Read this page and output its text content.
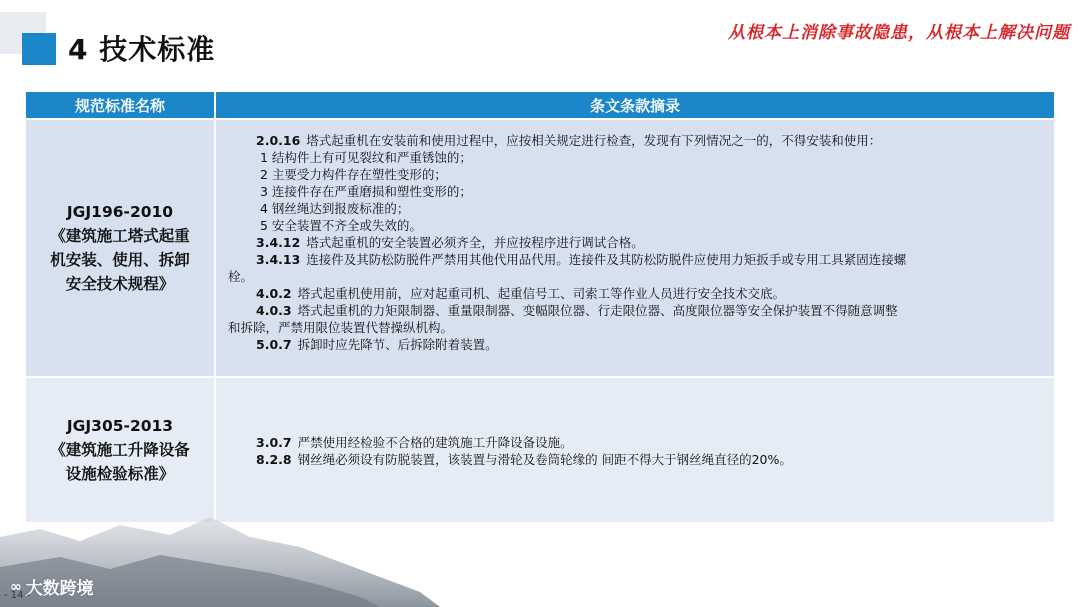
4 技术标准	从根本上消除事故隐患，从根本上解决问题
规范标准名称	条文条款摘录
JGJ196-2010
《建筑施工塔式起重
机安装、使用、拆卸
安全技术规程》
2.0.16 塔式起重机在安装前和使用过程中，应按相关规定进行检查，发现有下列情况之一的，不得安装和使用：
1 结构件上有可见裂纹和严重锈蚀的；
2 主要受力构件存在塑性变形的；
3 连接件存在严重磨损和塑性变形的；
4 钢丝绳达到报废标准的；
5 安全装置不齐全或失效的。
3.4.12 塔式起重机的安全装置必须齐全，并应按程序进行调试合格。
3.4.13 连接件及其防松防脱件严禁用其他代用品代用。连接件及其防松防脱件应使用力矩扳手或专用工具紧固连接螺
栓。
4.0.2 塔式起重机使用前，应对起重司机、起重信号工、司索工等作业人员进行安全技术交底。
4.0.3 塔式起重机的力矩限制器、重量限制器、变幅限位器、行走限位器、高度限位器等安全保护装置不得随意调整
和拆除，严禁用限位装置代替操纵机构。
5.0.7 拆卸时应先降节、后拆除附着装置。
JGJ305-2013
《建筑施工升降设备
设施检验标准》
3.0.7 严禁使用经检验不合格的建筑施工升降设备设施。
8.2.8 钢丝绳必须设有防脱装置，该装置与滑轮及卷筒轮缘的 间距不得大于钢丝绳直径的20%。
∞ 大数跨境
- 14 -
